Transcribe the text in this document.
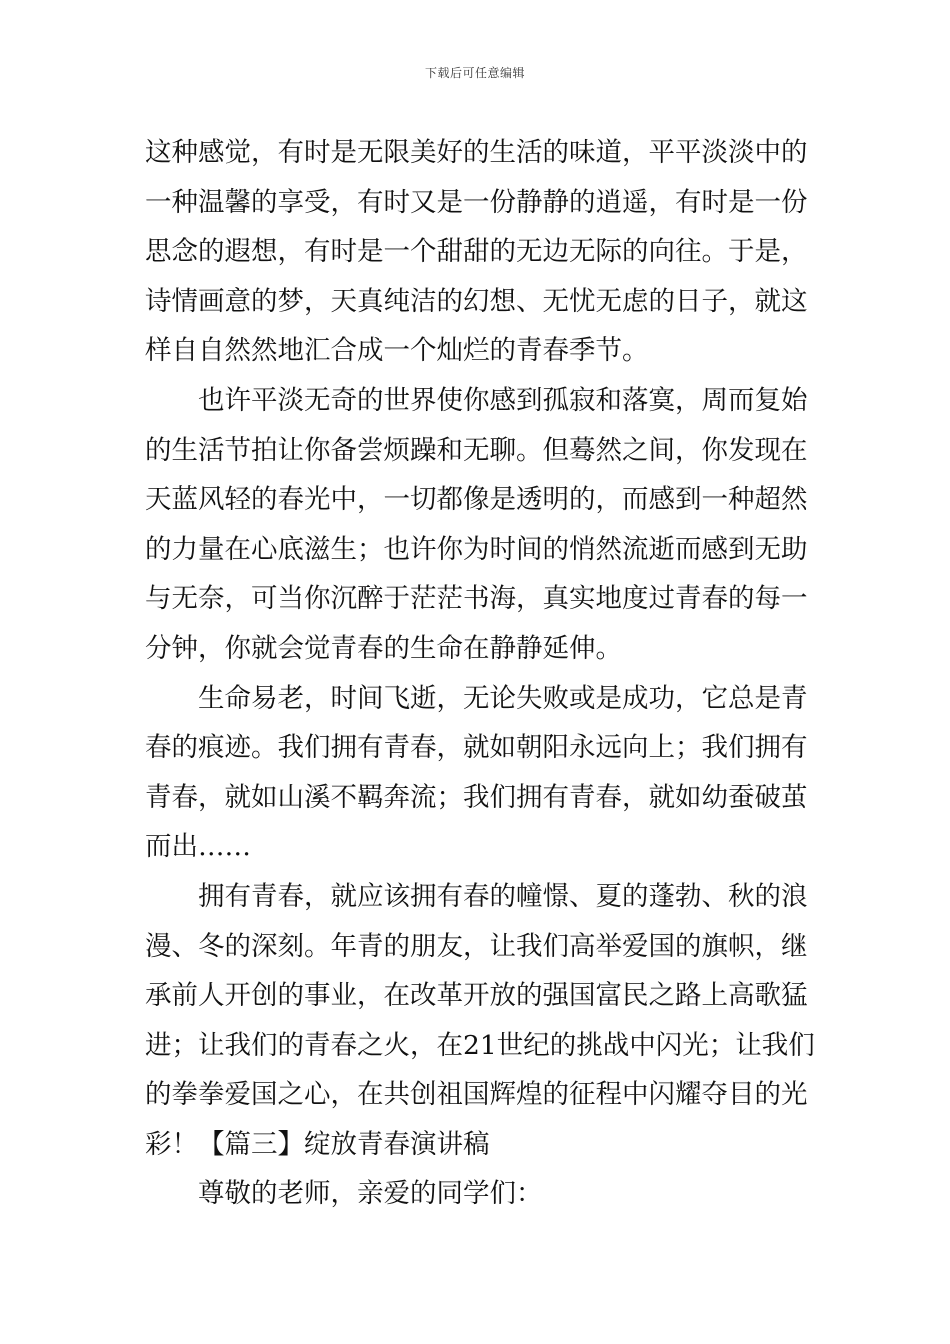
下载后可任意编辑
这种感觉，有时是无限美好的生活的味道，平平淡淡中的
一种温馨的享受，有时又是一份静静的逍遥，有时是一份
思念的遐想，有时是一个甜甜的无边无际的向往。于是，
诗情画意的梦，天真纯洁的幻想、无忧无虑的日子，就这
样自自然然地汇合成一个灿烂的青春季节。
也许平淡无奇的世界使你感到孤寂和落寞，周而复始
的生活节拍让你备尝烦躁和无聊。但蓦然之间，你发现在
天蓝风轻的春光中，一切都像是透明的，而感到一种超然
的力量在心底滋生；也许你为时间的悄然流逝而感到无助
与无奈，可当你沉醉于茫茫书海，真实地度过青春的每一
分钟，你就会觉青春的生命在静静延伸。
生命易老，时间飞逝，无论失败或是成功，它总是青
春的痕迹。我们拥有青春，就如朝阳永远向上；我们拥有
青春，就如山溪不羁奔流；我们拥有青春，就如幼蚕破茧
而出……
拥有青春，就应该拥有春的幢憬、夏的蓬勃、秋的浪
漫、冬的深刻。年青的朋友，让我们高举爱国的旗帜，继
承前人开创的事业，在改革开放的强国富民之路上高歌猛
进；让我们的青春之火，在21世纪的挑战中闪光；让我们
的拳拳爱国之心，在共创祖国辉煌的征程中闪耀夺目的光
彩！【篇三】绽放青春演讲稿
尊敬的老师，亲爱的同学们：
